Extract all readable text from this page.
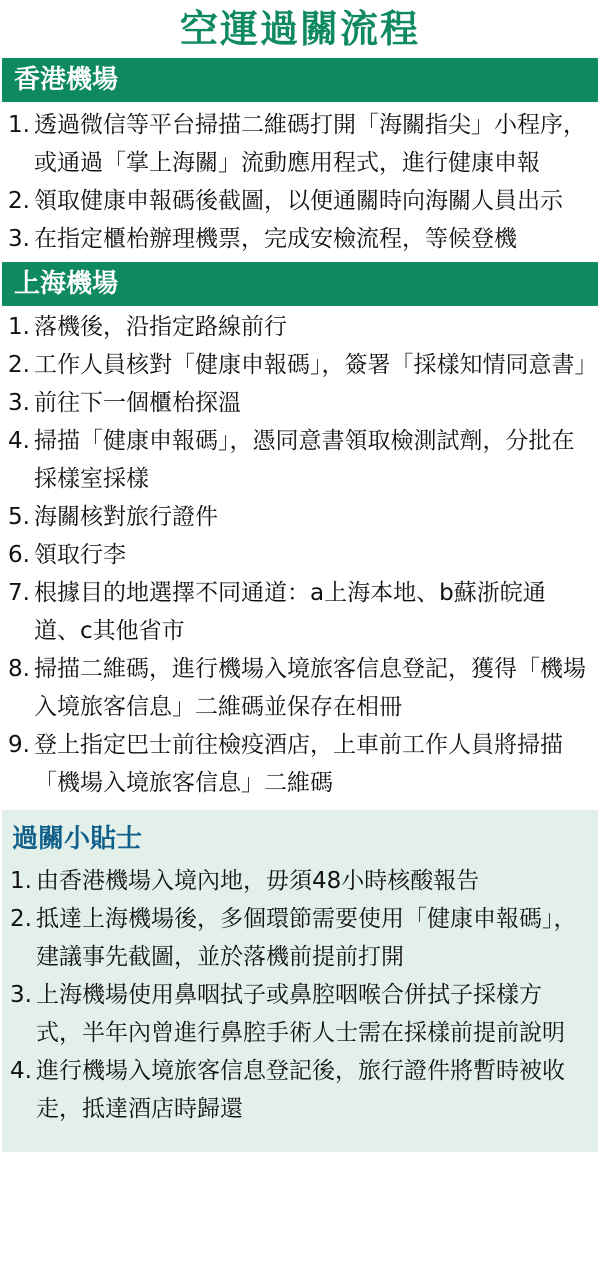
空運過關流程
香港機場
1. 透過微信等平台掃描二維碼打開「海關指尖」小程序，或通過「掌上海關」流動應用程式，進行健康申報
2. 領取健康申報碼後截圖，以便通關時向海關人員出示
3. 在指定櫃枱辦理機票，完成安檢流程，等候登機
上海機場
1. 落機後，沿指定路線前行
2. 工作人員核對「健康申報碼」，簽署「採樣知情同意書」
3. 前往下一個櫃枱探溫
4. 掃描「健康申報碼」，憑同意書領取檢測試劑，分批在採樣室採樣
5. 海關核對旅行證件
6. 領取行李
7. 根據目的地選擇不同通道：a上海本地、b蘇浙皖通道、c其他省市
8. 掃描二維碼，進行機場入境旅客信息登記，獲得「機場入境旅客信息」二維碼並保存在相冊
9. 登上指定巴士前往檢疫酒店，上車前工作人員將掃描「機場入境旅客信息」二維碼
過關小貼士
1. 由香港機場入境內地，毋須48小時核酸報告
2. 抵達上海機場後，多個環節需要使用「健康申報碼」，建議事先截圖，並於落機前提前打開
3. 上海機場使用鼻咽拭子或鼻腔咽喉合併拭子採樣方式，半年內曾進行鼻腔手術人士需在採樣前提前說明
4. 進行機場入境旅客信息登記後，旅行證件將暫時被收走，抵達酒店時歸還
